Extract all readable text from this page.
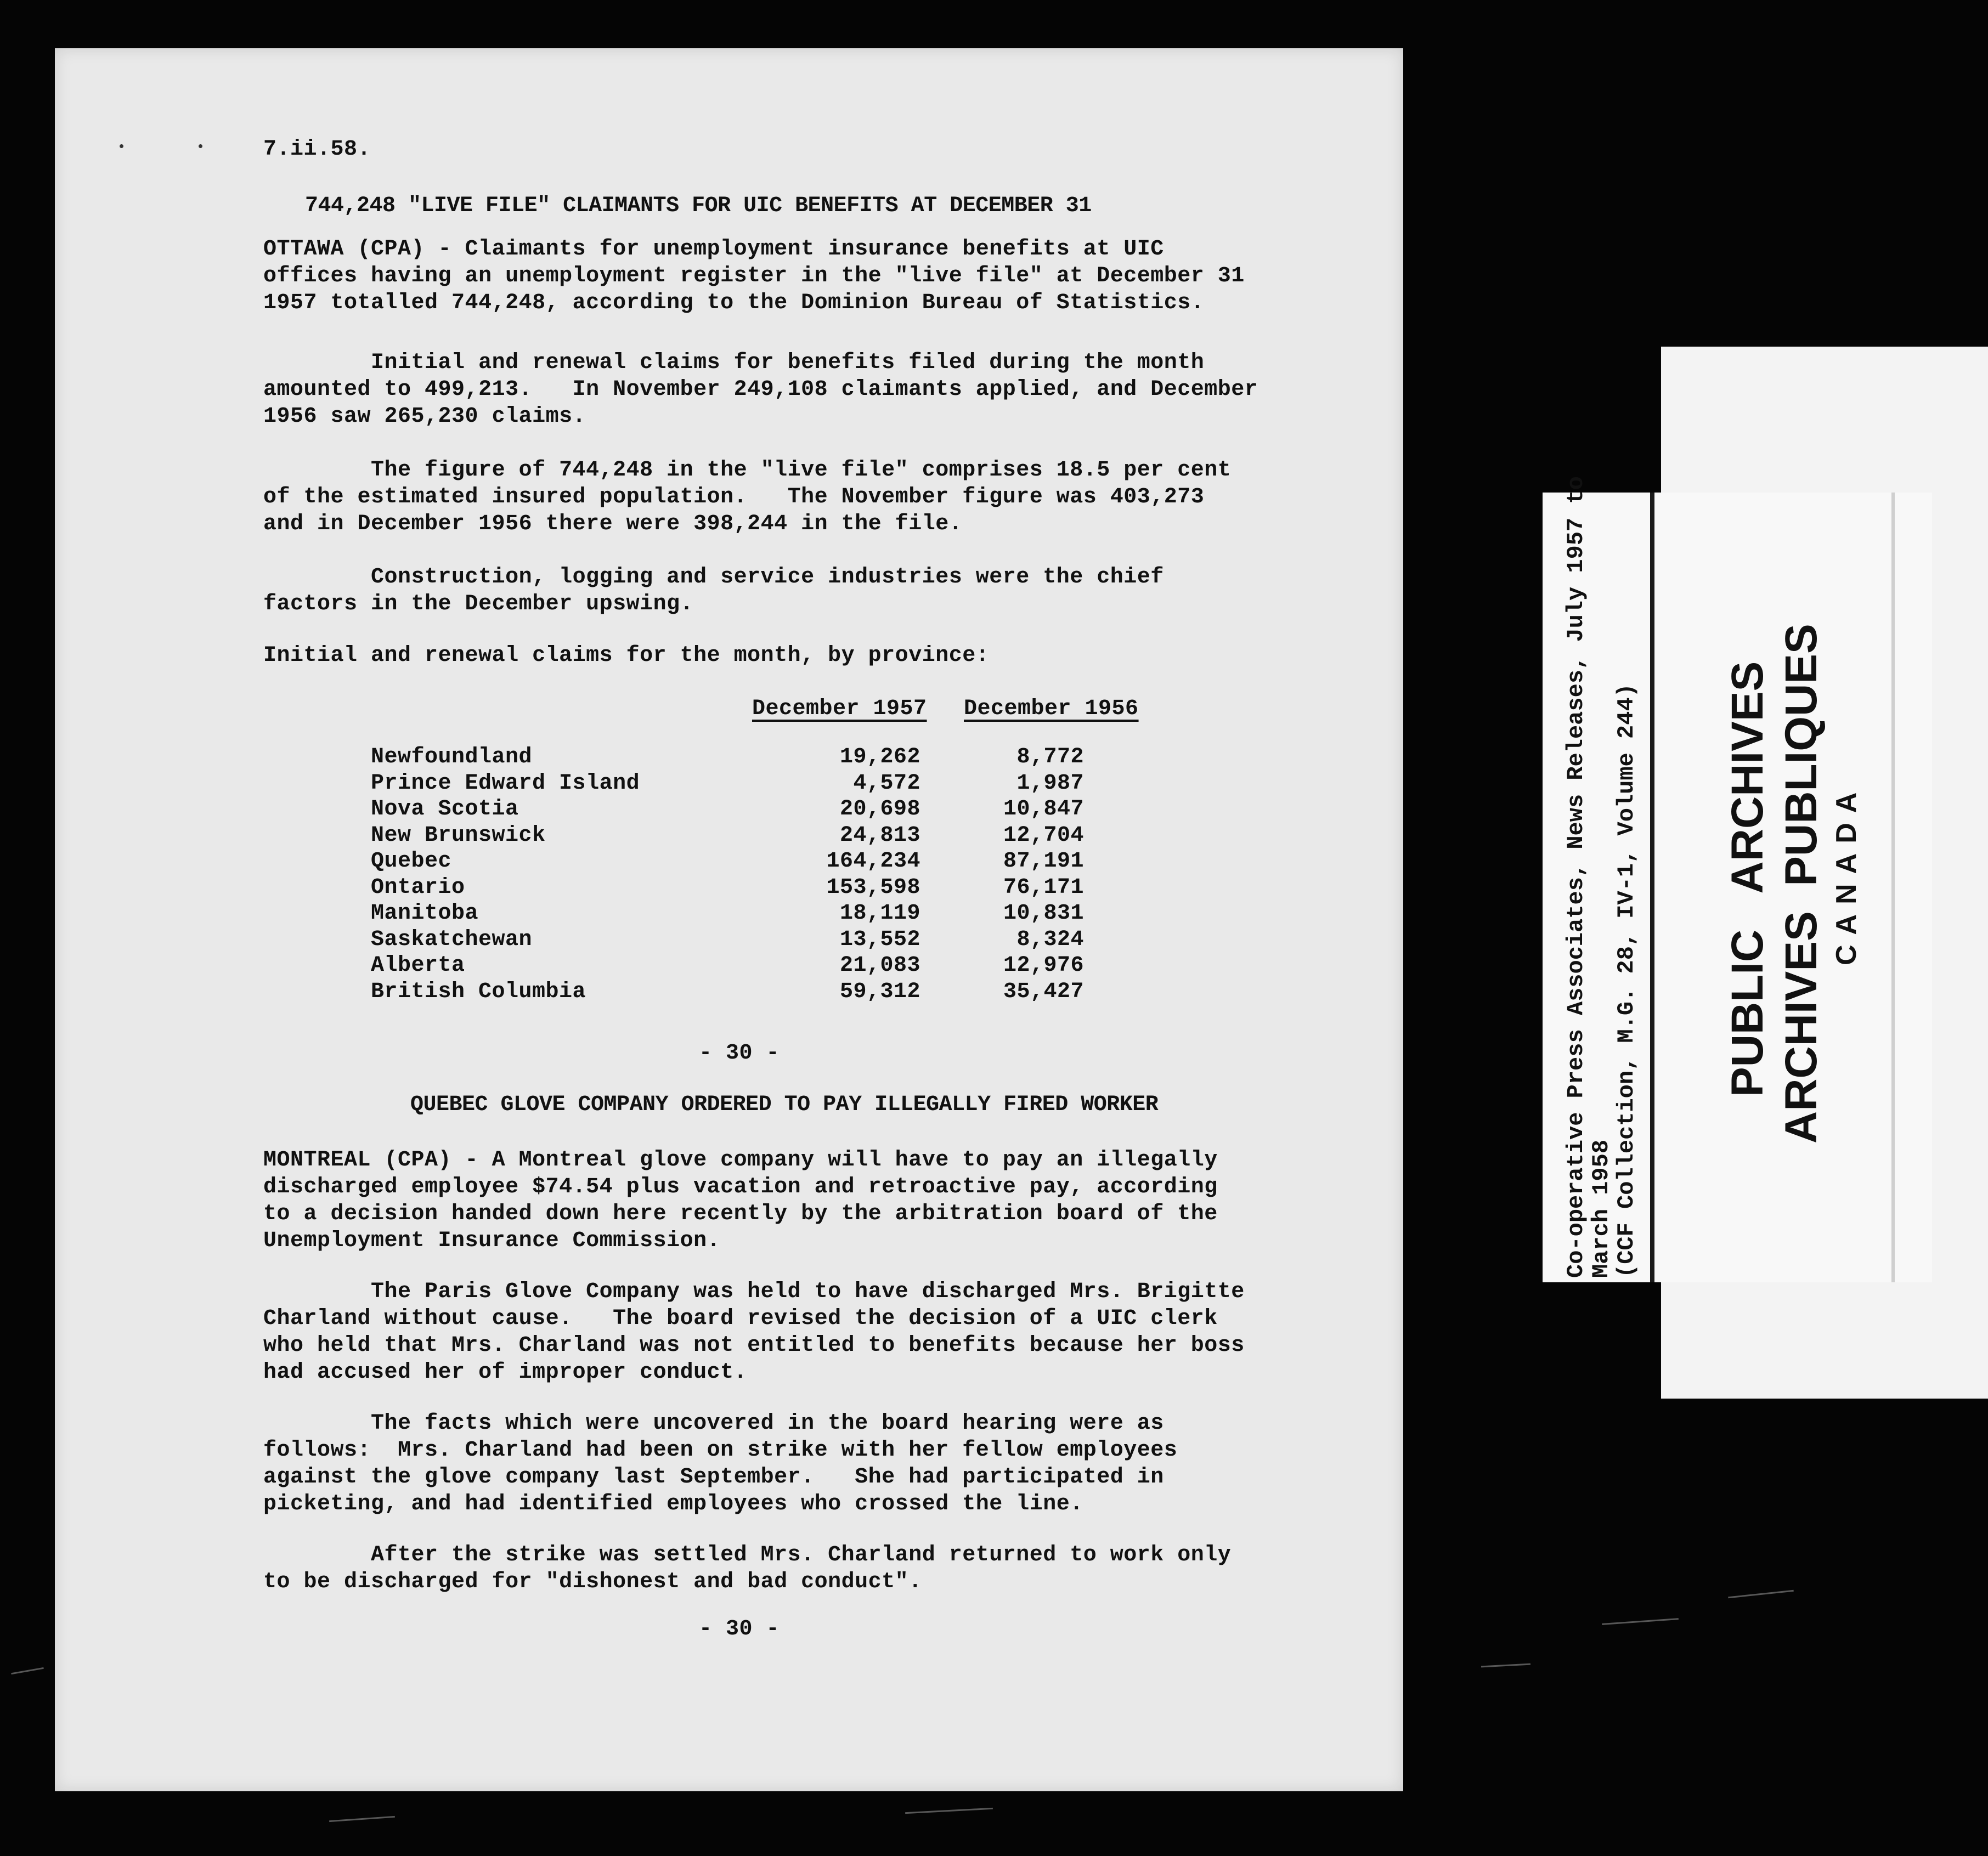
7.ii.58.
744,248 "LIVE FILE" CLAIMANTS FOR UIC BENEFITS AT DECEMBER 31
OTTAWA (CPA) - Claimants for unemployment insurance benefits at UIC
offices having an unemployment register in the "live file" at December 31
1957 totalled 744,248, according to the Dominion Bureau of Statistics.
Initial and renewal claims for benefits filed during the month
amounted to 499,213.   In November 249,108 claimants applied, and December
1956 saw 265,230 claims.
The figure of 744,248 in the "live file" comprises 18.5 per cent
of the estimated insured population.   The November figure was 403,273
and in December 1956 there were 398,244 in the file.
Construction, logging and service industries were the chief
factors in the December upswing.
Initial and renewal claims for the month, by province:
December 1957 December 1956
Newfoundland	19,262	8,772
Prince Edward Island	4,572	1,987
Nova Scotia	20,698	10,847
New Brunswick	24,813	12,704
Quebec	164,234	87,191
Ontario	153,598	76,171
Manitoba	18,119	10,831
Saskatchewan	13,552	8,324
Alberta	21,083	12,976
British Columbia	59,312	35,427
- 30 -
QUEBEC GLOVE COMPANY ORDERED TO PAY ILLEGALLY FIRED WORKER
MONTREAL (CPA) - A Montreal glove company will have to pay an illegally
discharged employee $74.54 plus vacation and retroactive pay, according
to a decision handed down here recently by the arbitration board of the
Unemployment Insurance Commission.
The Paris Glove Company was held to have discharged Mrs. Brigitte
Charland without cause.   The board revised the decision of a UIC clerk
who held that Mrs. Charland was not entitled to benefits because her boss
had accused her of improper conduct.
The facts which were uncovered in the board hearing were as
follows:  Mrs. Charland had been on strike with her fellow employees
against the glove company last September.   She had participated in
picketing, and had identified employees who crossed the line.
After the strike was settled Mrs. Charland returned to work only
to be discharged for "dishonest and bad conduct".
- 30 -
Co-operative Press Associates, News Releases, July 1957 to
March 1958
(CCF Collection, M.G. 28, IV-1, Volume 244) PUBLIC   ARCHIVES ARCHIVES  PUBLIQUES CANADA
